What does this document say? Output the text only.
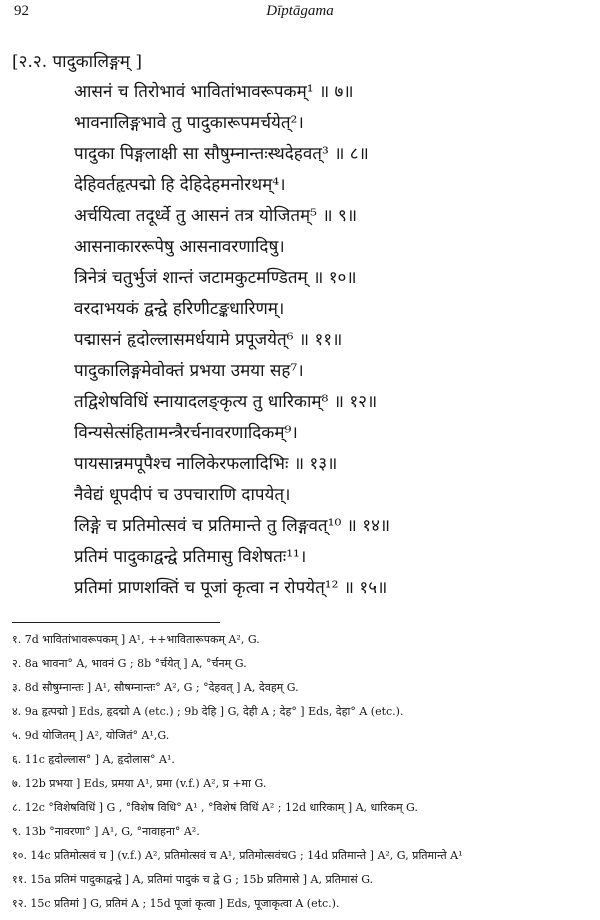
92	Dīptāgama
[२.२. पादुकालिङ्गम् ]
आसनं च तिरोभावं भावितांभावरूपकम्¹ ॥ ७॥
भावनालिङ्गभावे तु पादुकारूपमर्चयेत्²।
पादुका पिङ्गलाक्षी सा सौषुम्नान्तःस्थदेहवत्³ ॥ ८॥
देहिवर्तहृत्पद्मो हि देहिदेहमनोरथम्⁴।
अर्चयित्वा तदूर्ध्वे तु आसनं तत्र योजितम्⁵ ॥ ९॥
आसनाकाररूपेषु आसनावरणादिषु।
त्रिनेत्रं चतुर्भुजं शान्तं जटामकुटमण्डितम् ॥ १०॥
वरदाभयकं द्वन्द्वे हरिणीटङ्कधारिणम्।
पद्मासनं हृदोल्लासमर्धयामे प्रपूजयेत्⁶ ॥ ११॥
पादुकालिङ्गमेवोक्तं प्रभया उमया सह⁷।
तद्विशेषविधिं स्नायादलङ्कृत्य तु धारिकाम्⁸ ॥ १२॥
विन्यसेत्संहितामन्त्रैरर्चनावरणादिकम्⁹।
पायसान्नमपूपैश्च नालिकेरफलादिभिः ॥ १३॥
नैवेद्यं धूपदीपं च उपचाराणि दापयेत्।
लिङ्गे च प्रतिमोत्सवं च प्रतिमान्ते तु लिङ्गवत्¹⁰ ॥ १४॥
प्रतिमं पादुकाद्वन्द्वे प्रतिमासु विशेषतः¹¹।
प्रतिमां प्राणशक्तिं च पूजां कृत्वा न रोपयेत्¹² ॥ १५॥
१. 7d भावितांभावरूपकम् ] A¹, ++भावितारूपकम् A², G.
२. 8a भावना° A, भावनं G ; 8b °र्चयेत् ] A, °र्चनम् G.
३. 8d सौषुम्नान्तः ] A¹, सौषम्नान्तः° A², G ; °देहवत् ] A, देवहम् G.
४. 9a हृत्पद्मो ] Eds, हृदद्मो A (etc.) ; 9b देहि ] G, देही A ; देह° ] Eds, देहा° A (etc.).
५. 9d योजितम् ] A², योजितं° A¹,G.
६. 11c हृदोल्लास° ] A, हृदोलास° A¹.
७. 12b प्रभया ] Eds, प्रमया A¹, प्रमा (v.f.) A², प्र +मा G.
८. 12c °विशेषविधिं ] G , °विशेष विधि° A¹ , °विशेषं विधिं A² ; 12d धारिकाम् ] A, धारिकम् G.
९. 13b °नावरणा° ] A¹, G, °नावाहना° A².
१०. 14c प्रतिमोत्सवं च ] (v.f.) A², प्रतिमोत्सवं च A¹, प्रतिमोत्सवंचG ; 14d प्रतिमान्ते ] A², G, प्रतिमान्ते A¹
११. 15a प्रतिमं पादुकाद्वन्द्वे ] A, प्रतिमां पादुकं च द्वे G ; 15b प्रतिमासे ] A, प्रतिमासं G.
१२. 15c प्रतिमां ] G, प्रतिमं A ; 15d पूजां कृत्वा ] Eds, पूजाकृत्वा A (etc.).
